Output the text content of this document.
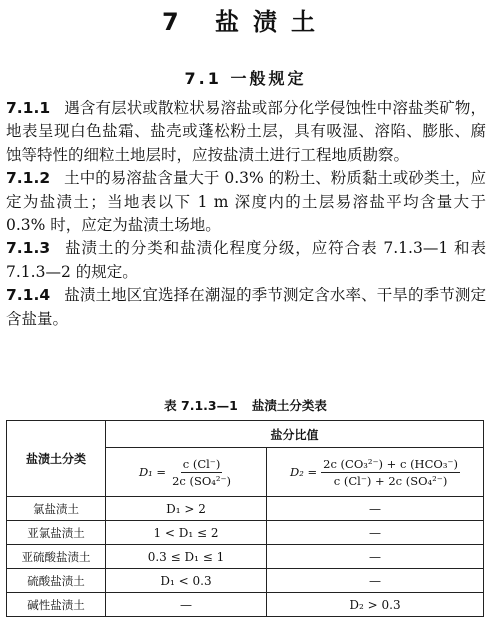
7 盐渍土
7.1 一般规定

7.1.1 遇含有层状或散粒状易溶盐或部分化学侵蚀性中溶盐类矿物，地表呈现白色盐霜、盐壳或蓬松粉土层，具有吸湿、溶陷、膨胀、腐蚀等特性的细粒土地层时，应按盐渍土进行工程地质勘察。

7.1.2 土中的易溶盐含量大于 0.3% 的粉土、粉质黏土或砂类土，应定为盐渍土；当地表以下 1 m 深度内的土层易溶盐平均含量大于 0.3% 时，应定为盐渍土场地。

7.1.3 盐渍土的分类和盐渍化程度分级，应符合表 7.1.3—1 和表 7.1.3—2 的规定。

7.1.4 盐渍土地区宜选择在潮湿的季节测定含水率、干旱的季节测定含盐量。

表 7.1.3—1 盐渍土分类表
盐渍土分类	盐分比值	

	$D_1 = \frac{c (Cl^-)}{\text{2c (SO₄²⁻)}}$	$D_2 = \frac{\text{2c (CO₃²⁻) + c (HCO₃⁻)}}{\text{c (Cl⁻) + 2c (SO₄²⁻)}}$

氯盐渍土	D₁ > 2	—
亚氯盐渍土	1 < D₁ ≤ 2	—
亚硫酸盐渍土	0.3 ≤ D₁ ≤ 1	—
硫酸盐渍土	D₁ < 0.3	—
碱性盐渍土	—	D₂ > 0.3
